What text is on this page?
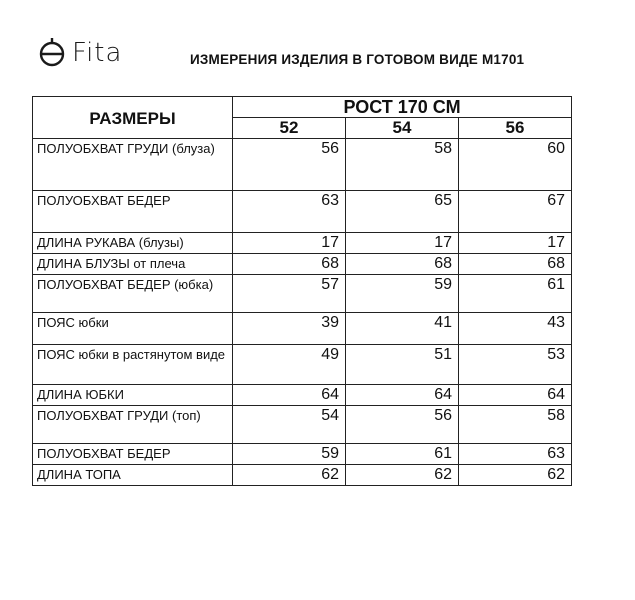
Fita	ИЗМЕРЕНИЯ ИЗДЕЛИЯ В ГОТОВОМ ВИДЕ М1701
РАЗМЕРЫ	РОСТ 170 СМ		
	52	54	56
ПОЛУОБХВАТ ГРУДИ (блуза)	56	58	60
ПОЛУОБХВАТ БЕДЕР	63	65	67
ДЛИНА РУКАВА (блузы)	17	17	17
ДЛИНА БЛУЗЫ от плеча	68	68	68
ПОЛУОБХВАТ БЕДЕР (юбка)	57	59	61
ПОЯС юбки	39	41	43
ПОЯС юбки в растянутом виде	49	51	53
ДЛИНА ЮБКИ	64	64	64
ПОЛУОБХВАТ ГРУДИ (топ)	54	56	58
ПОЛУОБХВАТ БЕДЕР	59	61	63
ДЛИНА ТОПА	62	62	62
